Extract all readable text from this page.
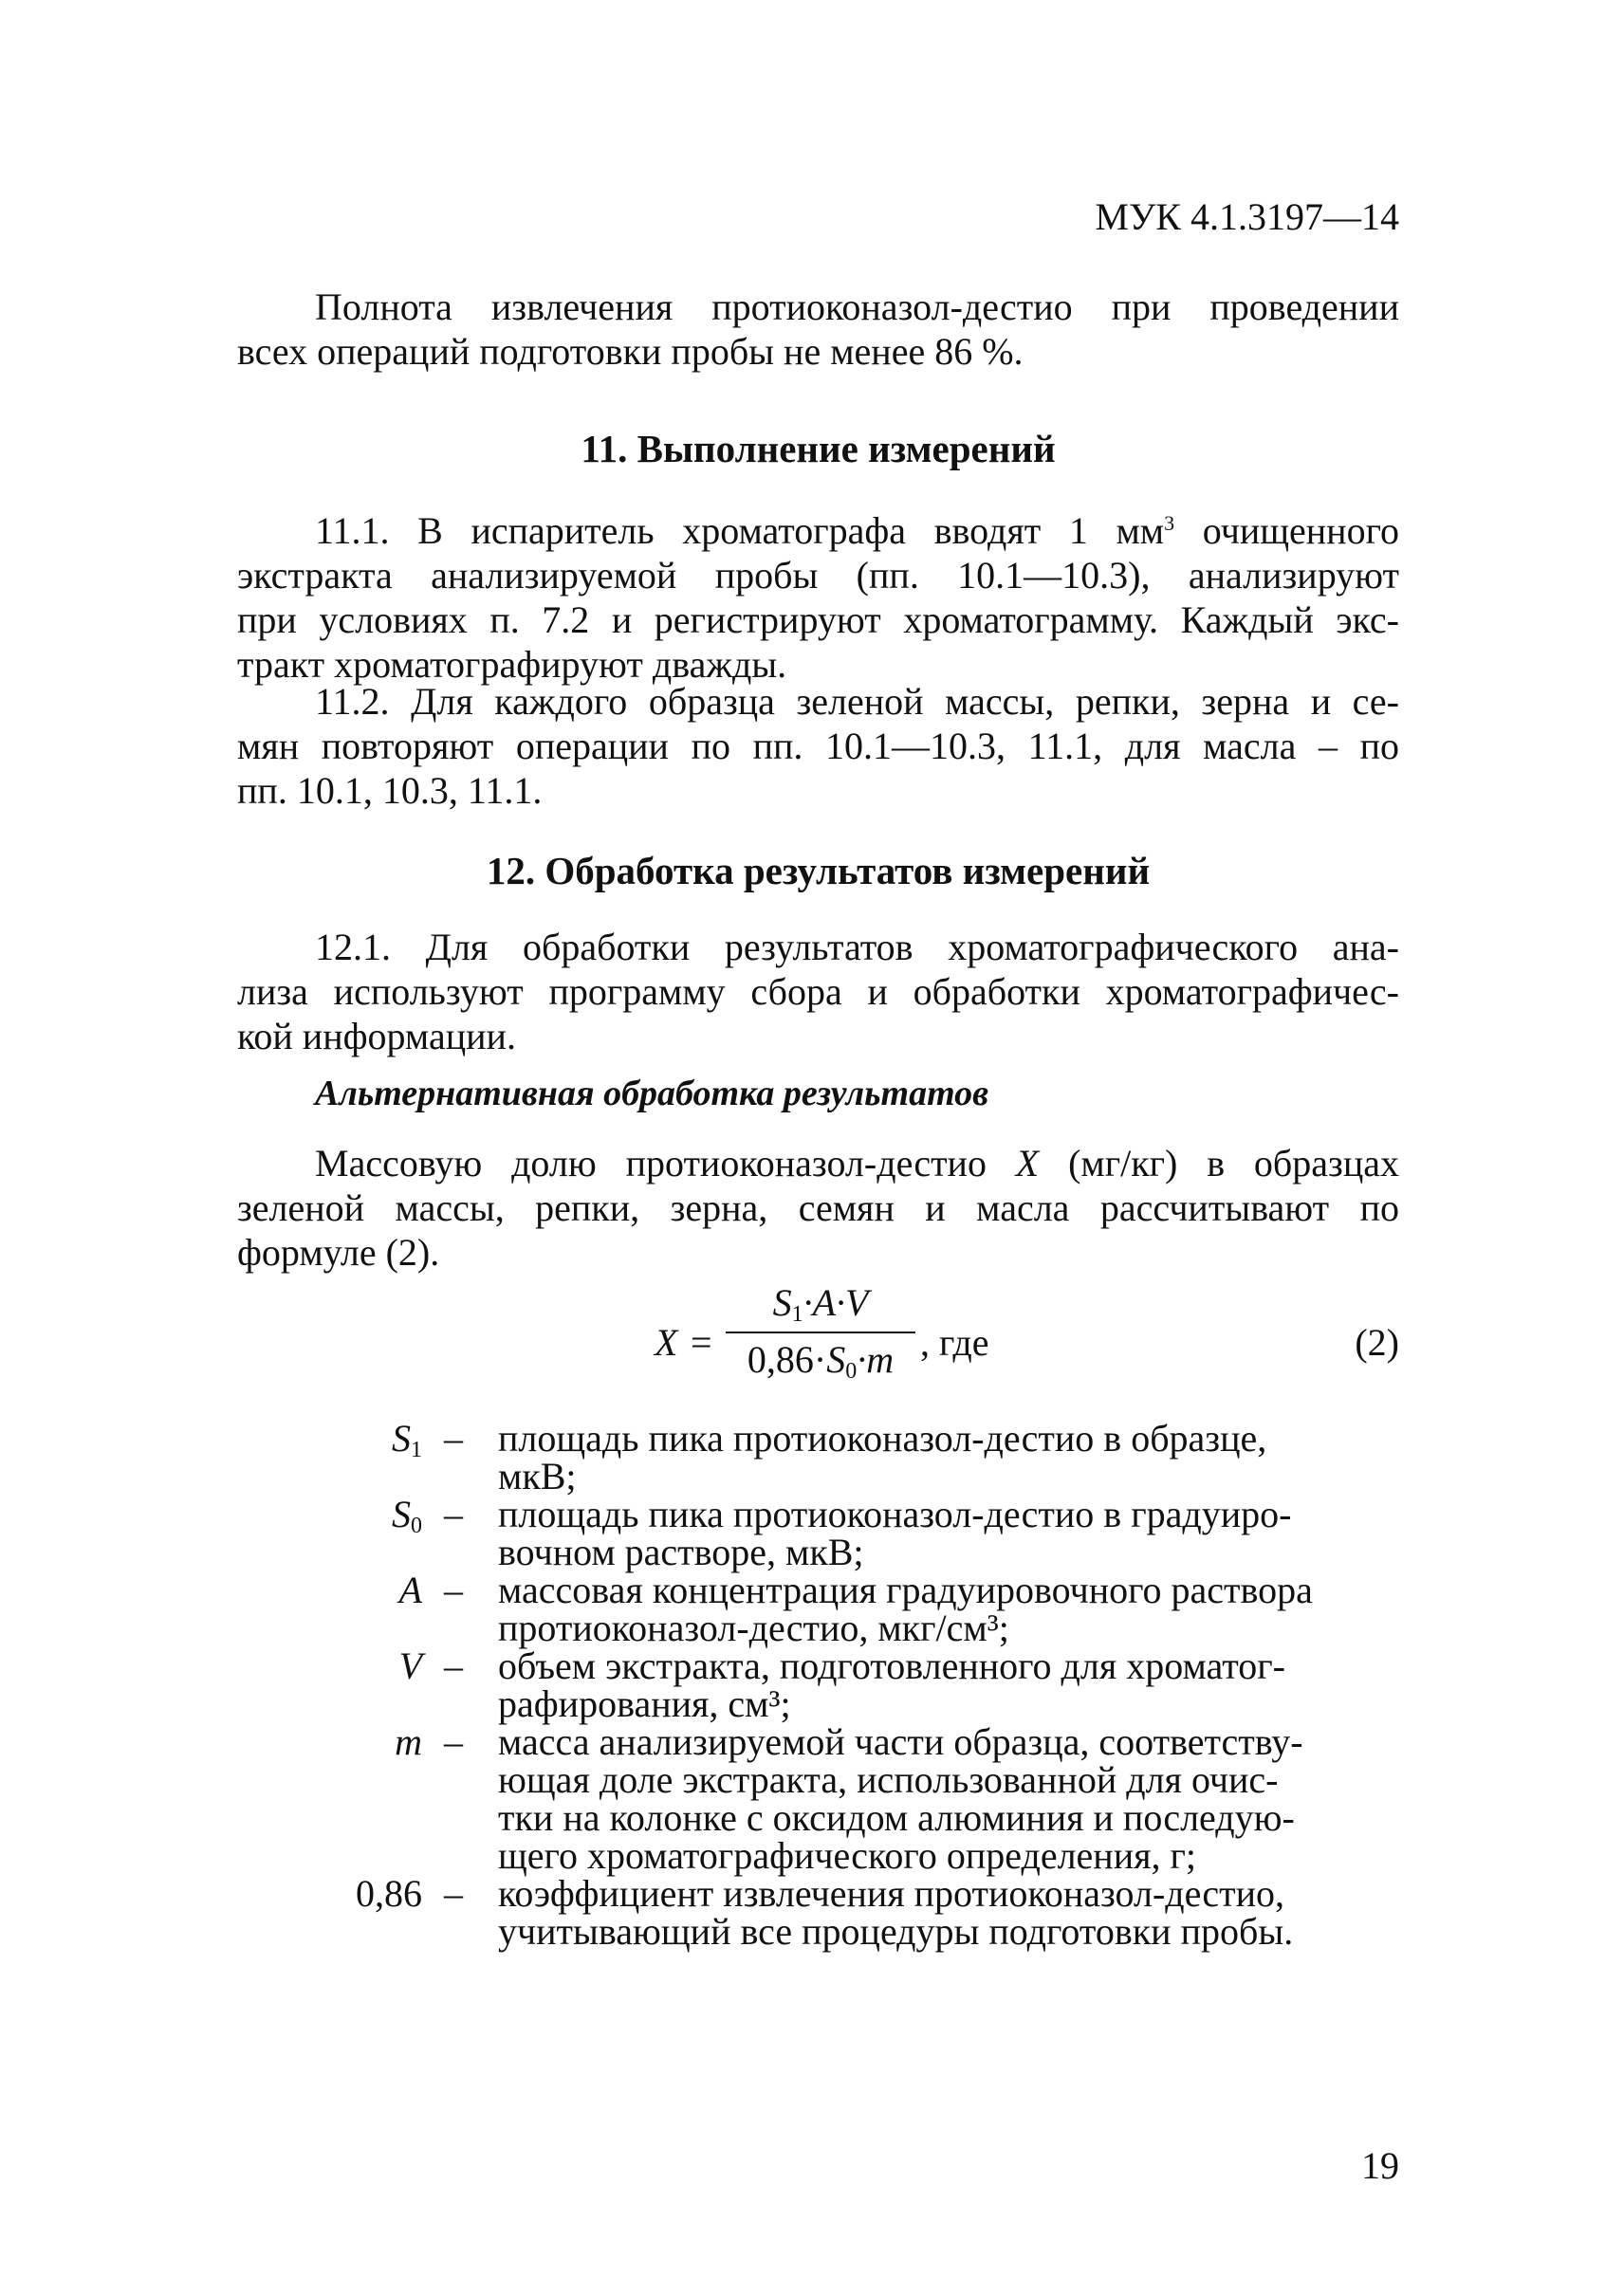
МУК 4.1.3197—14

Полнота извлечения протиоконазол-дестио при проведении

всех операций подготовки пробы не менее 86 %.

11. Выполнение измерений

11.1. В испаритель хроматографа вводят 1 $мм^3$ очищенного

экстракта анализируемой пробы (пп. 10.1—10.3), анализируют

при условиях п. 7.2 и регистрируют хроматограмму. Каждый экс-

тракт хроматографируют дважды.

11.2. Для каждого образца зеленой массы, репки, зерна и се-

мян повторяют операции по пп. 10.1—10.3, 11.1, для масла – по

пп. 10.1, 10.3, 11.1.

12. Обработка результатов измерений

12.1. Для обработки результатов хроматографического ана-

лиза используют программу сбора и обработки хроматографичес-

кой информации.

Альтернативная обработка результатов

Массовую долю протиоконазол-дестио X (мг/кг) в образцах

зеленой массы, репки, зерна, семян и масла рассчитывают по

формуле (2).

X =
$S_1\cdot A\cdot V$
$0,86\cdot S_0\cdot m$ , где	(2)
$S_1$ – площадь пика протиоконазол-дестио в образце,
мкВ;
$S_0$ – площадь пика протиоконазол-дестио в градуиро-
вочном растворе, мкВ;
A – массовая концентрация градуировочного раствора
протиоконазол-дестио, мкг/см³;
V – объем экстракта, подготовленного для хроматог-
рафирования, см³;
m – масса анализируемой части образца, соответству-
ющая доле экстракта, использованной для очис-
тки на колонке с оксидом алюминия и последую-
щего хроматографического определения, г;
0,86 – коэффициент извлечения протиоконазол-дестио,
учитывающий все процедуры подготовки пробы.
19
